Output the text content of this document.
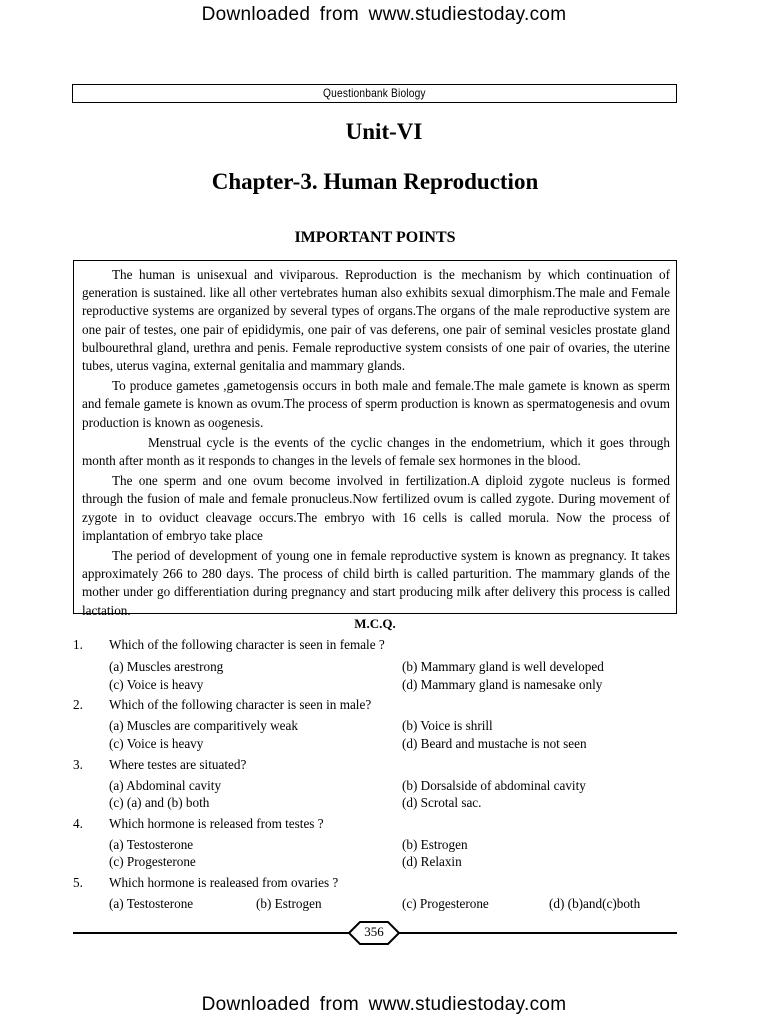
Downloaded from www.studiestoday.com
Questionbank Biology
Unit-VI
Chapter-3. Human Reproduction
IMPORTANT POINTS

The human is unisexual and viviparous. Reproduction is the mechanism by which continuation of generation is sustained. like all other vertebrates human also exhibits sexual dimorphism.The male and Female reproductive systems are organized by several types of organs.The organs of the male reproductive system are one pair of testes, one pair of epididymis, one pair of vas deferens, one pair of seminal vesicles prostate gland bulbourethral gland, urethra and penis. Female reproductive system consists of one pair of ovaries, the uterine tubes, uterus vagina, external genitalia and mammary glands.

To produce gametes ,gametogensis occurs in both male and female.The male gamete is known as sperm and female gamete is known as ovum.The process of sperm production is known as spermatogenesis and ovum production is known as oogenesis.

Menstrual cycle is the events of the cyclic changes in the endometrium, which it goes through month after month as it responds to changes in the levels of female sex hormones in the blood.

The one sperm and one ovum become involved in fertilization.A diploid zygote nucleus is formed through the fusion of male and female pronucleus.Now fertilized ovum is called zygote. During movement of zygote in to oviduct cleavage occurs.The embryo with 16 cells is called morula. Now the process of implantation of embryo take place

The period of development of young one in female reproductive system is known as pregnancy. It takes approximately 266 to 280 days. The process of child birth is called parturition. The mammary glands of the mother under go differentiation during pregnancy and start producing milk after delivery this process is called lactation.

M.C.Q.
1.	Which of the following character is seen in female ?
(a) Muscles arestrong	(b) Mammary gland is well developed
(c) Voice is heavy	(d) Mammary gland is namesake only
2.	Which of the following character is seen in male?
(a) Muscles are comparitively weak	(b) Voice is shrill
(c) Voice is heavy	(d) Beard and mustache is not seen
3.	Where testes are situated?
(a) Abdominal cavity	(b) Dorsalside of abdominal cavity
(c) (a) and (b) both	(d) Scrotal sac.
4.	Which hormone is released from testes ?
(a) Testosterone	(b) Estrogen
(c) Progesterone	(d) Relaxin
5.	Which hormone is realeased from ovaries ?
(a) Testosterone	(b) Estrogen	(c) Progesterone	(d) (b)and(c)both
356
Downloaded from www.studiestoday.com
